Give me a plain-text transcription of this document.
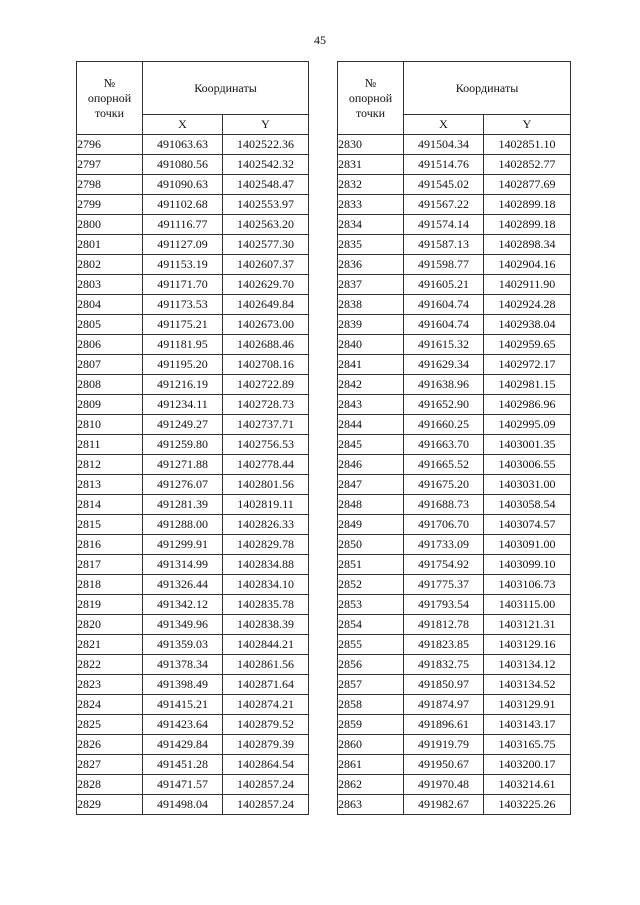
45
№
опорной
точки	Координаты	
	X	Y
2796	491063.63	1402522.36
2797	491080.56	1402542.32
2798	491090.63	1402548.47
2799	491102.68	1402553.97
2800	491116.77	1402563.20
2801	491127.09	1402577.30
2802	491153.19	1402607.37
2803	491171.70	1402629.70
2804	491173.53	1402649.84
2805	491175.21	1402673.00
2806	491181.95	1402688.46
2807	491195.20	1402708.16
2808	491216.19	1402722.89
2809	491234.11	1402728.73
2810	491249.27	1402737.71
2811	491259.80	1402756.53
2812	491271.88	1402778.44
2813	491276.07	1402801.56
2814	491281.39	1402819.11
2815	491288.00	1402826.33
2816	491299.91	1402829.78
2817	491314.99	1402834.88
2818	491326.44	1402834.10
2819	491342.12	1402835.78
2820	491349.96	1402838.39
2821	491359.03	1402844.21
2822	491378.34	1402861.56
2823	491398.49	1402871.64
2824	491415.21	1402874.21
2825	491423.64	1402879.52
2826	491429.84	1402879.39
2827	491451.28	1402864.54
2828	491471.57	1402857.24
2829	491498.04	1402857.24
№
опорной
точки	Координаты	
	X	Y
2830	491504.34	1402851.10
2831	491514.76	1402852.77
2832	491545.02	1402877.69
2833	491567.22	1402899.18
2834	491574.14	1402899.18
2835	491587.13	1402898.34
2836	491598.77	1402904.16
2837	491605.21	1402911.90
2838	491604.74	1402924.28
2839	491604.74	1402938.04
2840	491615.32	1402959.65
2841	491629.34	1402972.17
2842	491638.96	1402981.15
2843	491652.90	1402986.96
2844	491660.25	1402995.09
2845	491663.70	1403001.35
2846	491665.52	1403006.55
2847	491675.20	1403031.00
2848	491688.73	1403058.54
2849	491706.70	1403074.57
2850	491733.09	1403091.00
2851	491754.92	1403099.10
2852	491775.37	1403106.73
2853	491793.54	1403115.00
2854	491812.78	1403121.31
2855	491823.85	1403129.16
2856	491832.75	1403134.12
2857	491850.97	1403134.52
2858	491874.97	1403129.91
2859	491896.61	1403143.17
2860	491919.79	1403165.75
2861	491950.67	1403200.17
2862	491970.48	1403214.61
2863	491982.67	1403225.26
